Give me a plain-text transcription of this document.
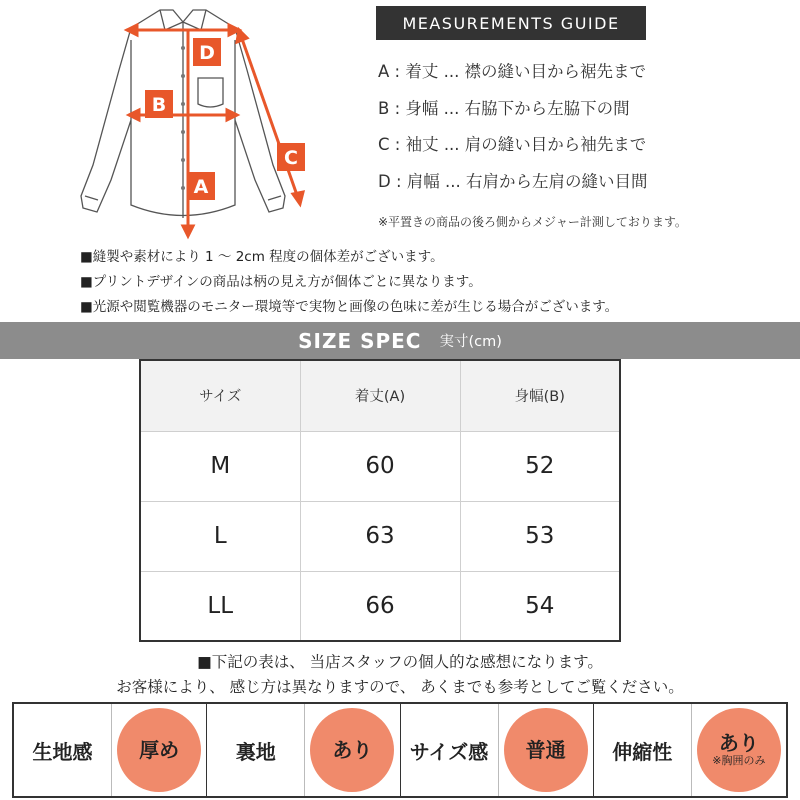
D
B
A
C
MEASUREMENTS GUIDE
A : 着丈 ... 襟の縫い目から裾先まで
B : 身幅 ... 右脇下から左脇下の間
C : 袖丈 ... 肩の縫い目から袖先まで
D : 肩幅 ... 右肩から左肩の縫い目間
※平置きの商品の後ろ側からメジャー計測しております。
■縫製や素材により 1 〜 2cm 程度の個体差がございます。
■プリントデザインの商品は柄の見え方が個体ごとに異なります。
■光源や閲覧機器のモニター環境等で実物と画像の色味に差が生じる場合がございます。
SIZE SPEC 実寸(cm)
サイズ	着丈(A)	身幅(B)
M	60	52
L	63	53
LL	66	54
■下記の表は、 当店スタッフの個人的な感想になります。
お客様により、 感じ方は異なりますので、 あくまでも参考としてご覧ください。
生地感	厚め	裏地	あり	サイズ感	普通	伸縮性	あり
※胸囲のみ
